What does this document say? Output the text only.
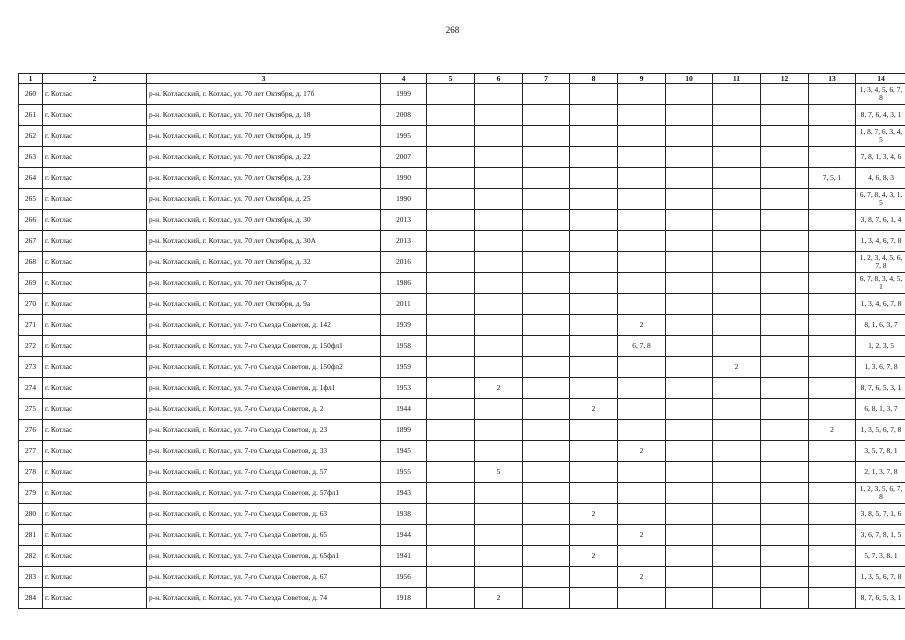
268
1	2	3	4	5	6	7	8	9	10	11	12	13	14
260	г. Котлас	р-н. Котласский, г. Котлас, ул. 70 лет Октября, д. 17б	1999										1, 3, 4, 5, 6, 7, 8
261	г. Котлас	р-н. Котласский, г. Котлас, ул. 70 лет Октября, д. 18	2008										8, 7, 6, 4, 3, 1
262	г. Котлас	р-н. Котласский, г. Котлас, ул. 70 лет Октября, д. 19	1995										1, 8, 7, 6, 3, 4, 5
263	г. Котлас	р-н. Котласский, г. Котлас, ул. 70 лет Октября, д. 22	2007										7, 8, 1, 3, 4, 6
264	г. Котлас	р-н. Котласский, г. Котлас, ул. 70 лет Октября, д. 23	1990									7, 5, 1	4, 6, 8, 3
265	г. Котлас	р-н. Котласский, г. Котлас, ул. 70 лет Октября, д. 25	1990										6, 7, 8, 4, 3, 1, 5
266	г. Котлас	р-н. Котласский, г. Котлас, ул. 70 лет Октября, д. 30	2013										3, 8, 7, 6, 1, 4
267	г. Котлас	р-н. Котласский, г. Котлас, ул. 70 лет Октября, д. 30А	2013										1, 3, 4, 6, 7, 8
268	г. Котлас	р-н. Котласский, г. Котлас, ул. 70 лет Октября, д. 32	2016										1, 2, 3, 4, 5, 6, 7, 8
269	г. Котлас	р-н. Котласский, г. Котлас, ул. 70 лет Октября, д. 7	1986										6, 7, 8, 3, 4, 5, 1
270	г. Котлас	р-н. Котласский, г. Котлас, ул. 70 лет Октября, д. 9а	2011										1, 3, 4, 6, 7, 8
271	г. Котлас	р-н. Котласский, г. Котлас, ул. 7-го Съезда Советов, д. 142	1939					2					8, 1, 6, 3, 7
272	г. Котлас	р-н. Котласский, г. Котлас, ул. 7-го Съезда Советов, д. 150фл1	1958					6, 7, 8					1, 2, 3, 5
273	г. Котлас	р-н. Котласский, г. Котлас, ул. 7-го Съезда Советов, д. 150фл2	1959							2			1, 3, 6, 7, 8
274	г. Котлас	р-н. Котласский, г. Котлас, ул. 7-го Съезда Советов, д. 1фл1	1953		2								8, 7, 6, 5, 3, 1
275	г. Котлас	р-н. Котласский, г. Котлас, ул. 7-го Съезда Советов, д. 2	1944				2						6, 8, 1, 3, 7
276	г. Котлас	р-н. Котласский, г. Котлас, ул. 7-го Съезда Советов, д. 23	1899									2	1, 3, 5, 6, 7, 8
277	г. Котлас	р-н. Котласский, г. Котлас, ул. 7-го Съезда Советов, д. 33	1945					2					3, 5, 7, 8, 1
278	г. Котлас	р-н. Котласский, г. Котлас, ул. 7-го Съезда Советов, д. 57	1955		5								2, 1, 3, 7, 8
279	г. Котлас	р-н. Котласский, г. Котлас, ул. 7-го Съезда Советов, д. 57фл1	1943										1, 2, 3, 5, 6, 7, 8
280	г. Котлас	р-н. Котласский, г. Котлас, ул. 7-го Съезда Советов, д. 63	1938				2						3, 8, 5, 7, 1, 6
281	г. Котлас	р-н. Котласский, г. Котлас, ул. 7-го Съезда Советов, д. 65	1944					2					3, 6, 7, 8, 1, 5
282	г. Котлас	р-н. Котласский, г. Котлас, ул. 7-го Съезда Советов, д. 65фл1	1941				2						5, 7, 3, 8, 1
283	г. Котлас	р-н. Котласский, г. Котлас, ул. 7-го Съезда Советов, д. 67	1956					2					1, 3, 5, 6, 7, 8
284	г. Котлас	р-н. Котласский, г. Котлас, ул. 7-го Съезда Советов, д. 74	1918		2								8, 7, 6, 5, 3, 1
